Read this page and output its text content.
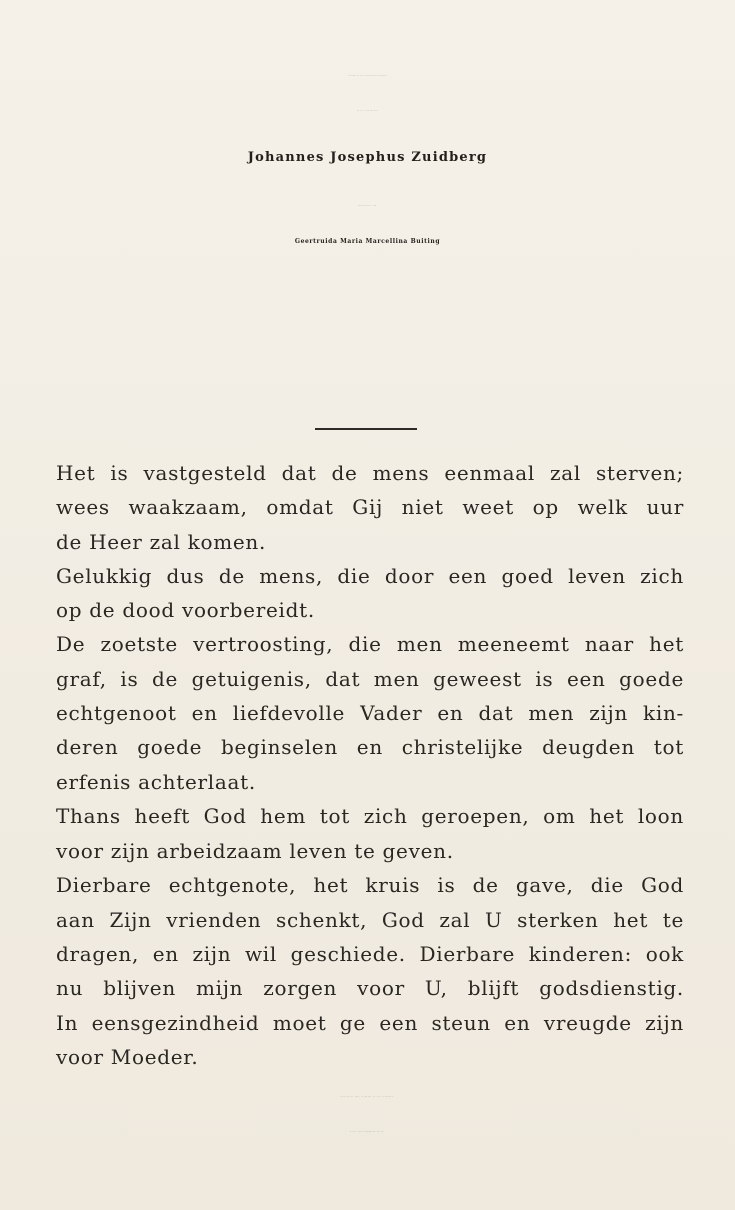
Gedenk in Uw Godvruchtige gebeden
de Ziel van Zaliger
Johannes Josephus Zuidberg
echtgenoot van
Geertruida Maria Marcellina Buiting
Het is vastgesteld dat de mens eenmaal zal sterven;
wees waakzaam, omdat Gij niet weet op welk uur
de Heer zal komen.
Gelukkig dus de mens, die door een goed leven zich
op de dood voorbereidt.
De zoetste vertroosting, die men meeneemt naar het
graf, is de getuigenis, dat men geweest is een goede
echtgenoot en liefdevolle Vader en dat men zijn kin-
deren goede beginselen en christelijke deugden tot
erfenis achterlaat.
Thans heeft God hem tot zich geroepen, om het loon
voor zijn arbeidzaam leven te geven.
Dierbare echtgenote, het kruis is de gave, die God
aan Zijn vrienden schenkt, God zal U sterken het te
dragen, en zijn wil geschiede. Dierbare kinderen: ook
nu blijven mijn zorgen voor U, blijft godsdienstig.
In eensgezindheid moet ge een steun en vreugde zijn
voor Moeder.
Blijven wij met elkander in God verenigd.
Mijn Jezus Barmhartigheid.
